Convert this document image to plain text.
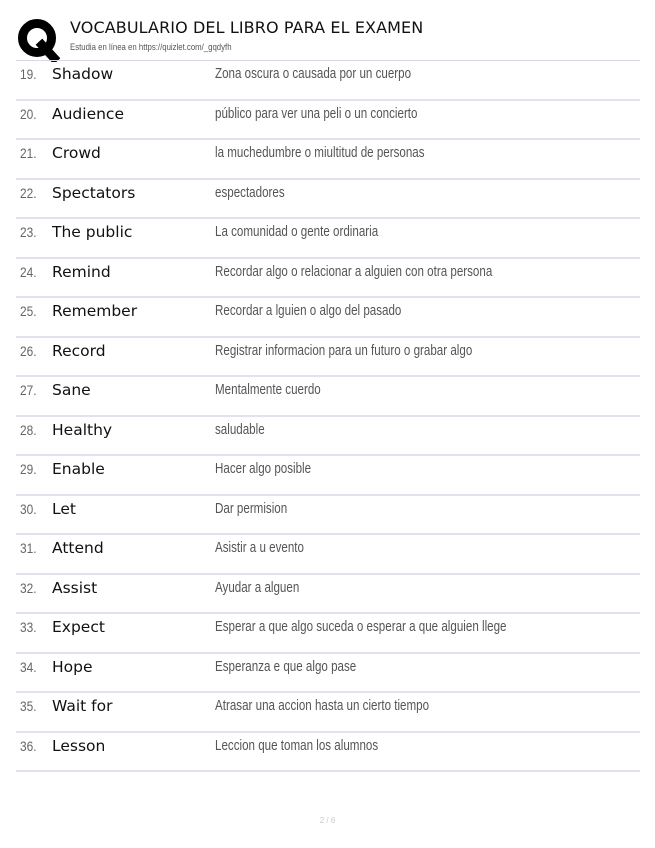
VOCABULARIO DEL LIBRO PARA EL EXAMEN
Estudia en línea en https://quizlet.com/_gqdyfh
19. Shadow	Zona oscura o causada por un cuerpo
20. Audience	público para ver una peli o un concierto
21. Crowd	la muchedumbre o miultitud de personas
22. Spectators	espectadores
23. The public	La comunidad o gente ordinaria
24. Remind	Recordar algo o relacionar a alguien con otra persona
25. Remember	Recordar a lguien o algo del pasado
26. Record	Registrar informacion para un futuro o grabar algo
27. Sane	Mentalmente cuerdo
28. Healthy	saludable
29. Enable	Hacer algo posible
30. Let	Dar permision
31. Attend	Asistir a u evento
32. Assist	Ayudar a alguen
33. Expect	Esperar a que algo suceda o esperar a que alguien llege
34. Hope	Esperanza e que algo pase
35. Wait for	Atrasar una accion hasta un cierto tiempo
36. Lesson	Leccion que toman los alumnos
2 / 6
